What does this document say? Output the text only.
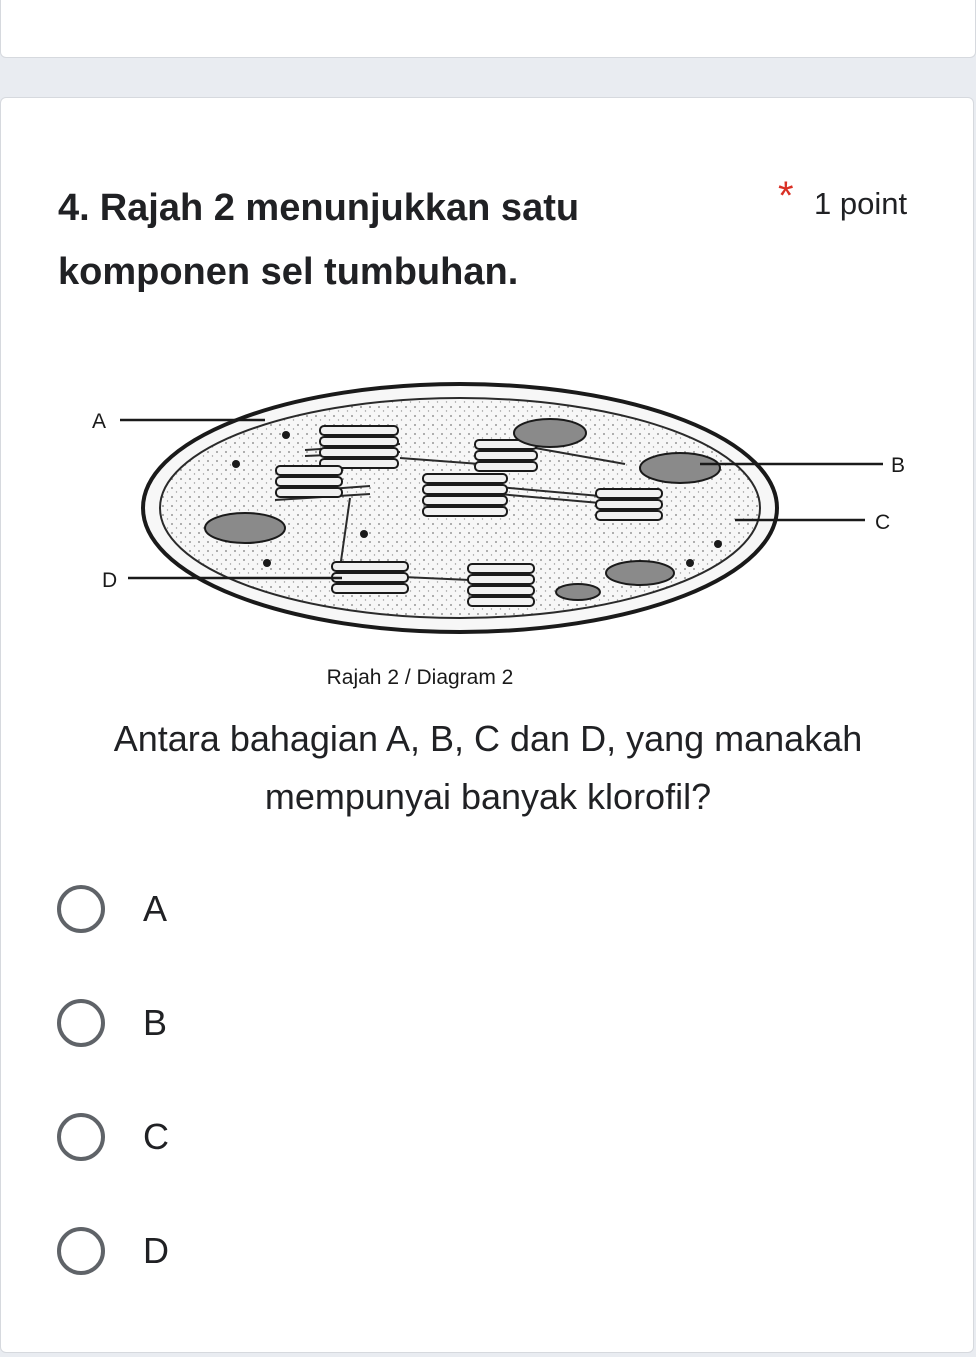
4. Rajah 2 menunjukkan satu komponen sel tumbuhan.
* 1 point
A
B
C
D
Rajah 2 / Diagram 2

Antara bahagian A, B, C dan D, yang manakah mempunyai banyak klorofil?

A
B
C
D
